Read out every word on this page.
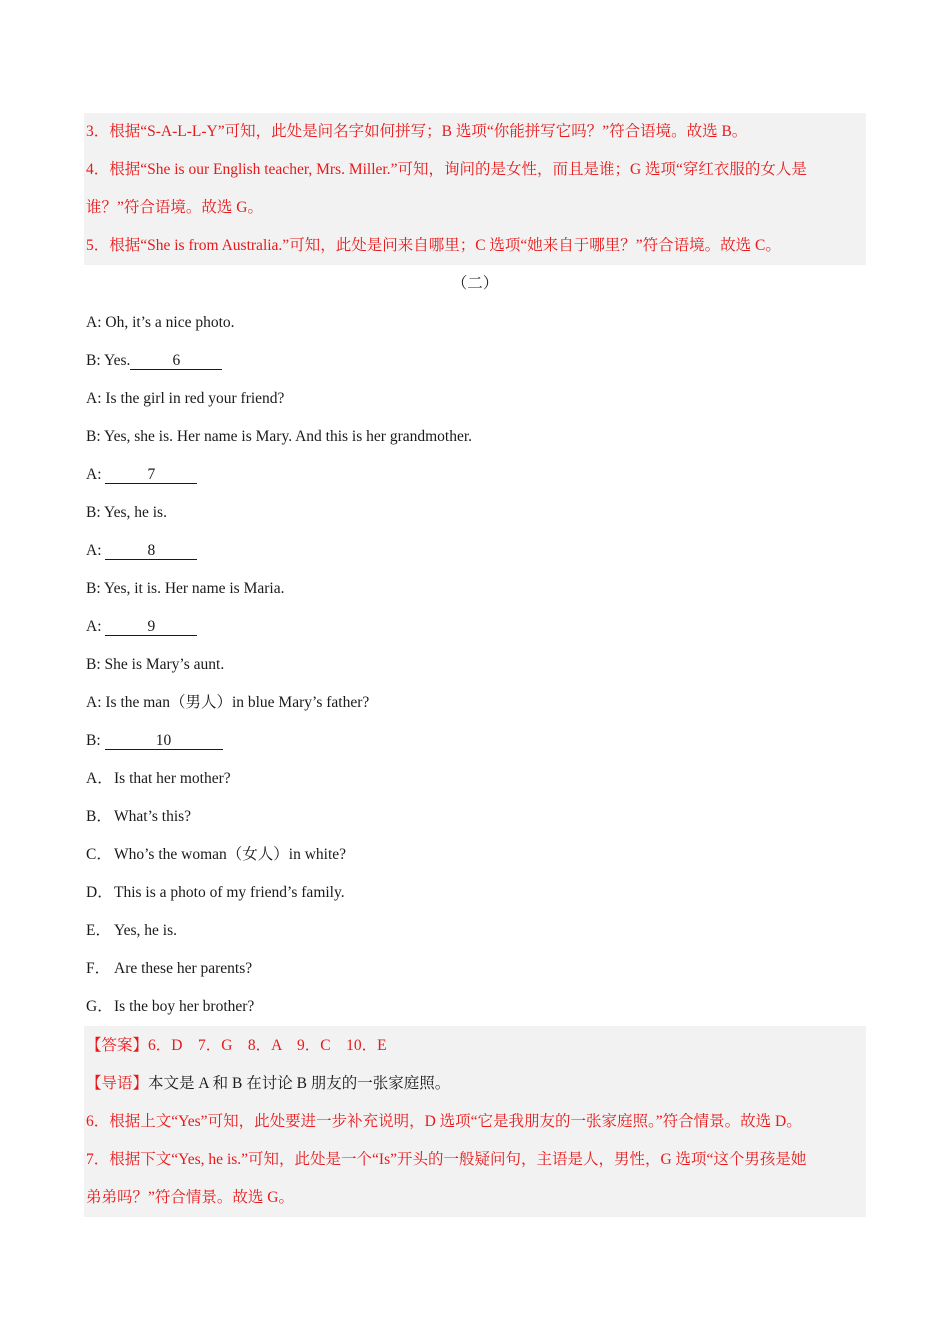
3．根据“S-A-L-L-Y”可知，此处是问名字如何拼写；B 选项“你能拼写它吗？”符合语境。故选 B。
4．根据“She is our English teacher, Mrs. Miller.”可知，询问的是女性，而且是谁；G 选项“穿红衣服的女人是
谁？”符合语境。故选 G。
5．根据“She is from Australia.”可知，此处是问来自哪里；C 选项“她来自于哪里？”符合语境。故选 C。
（二）
A: Oh, it’s a nice photo.
B: Yes.	6
A: Is the girl in red your friend?
B: Yes, she is. Her name is Mary. And this is her grandmother.
A:	7
B: Yes, he is.
A:	8
B: Yes, it is. Her name is Maria.
A:	9
B: She is Mary’s aunt.
A: Is the man（男人）in blue Mary’s father?
B:	10
A．Is that her mother?
B． What’s this?
C． Who’s the woman（女人）in white?
D．This is a photo of my friend’s family.
E． Yes, he is.
F． Are these her parents?
G．Is the boy her brother?
【答案】6．D　7．G　8．A　9．C　10．E
【导语】本文是 A 和 B 在讨论 B 朋友的一张家庭照。
6．根据上文“Yes”可知，此处要进一步补充说明，D 选项“它是我朋友的一张家庭照。”符合情景。故选 D。
7．根据下文“Yes, he is.”可知，此处是一个“Is”开头的一般疑问句，主语是人，男性，G 选项“这个男孩是她
弟弟吗？”符合情景。故选 G。
